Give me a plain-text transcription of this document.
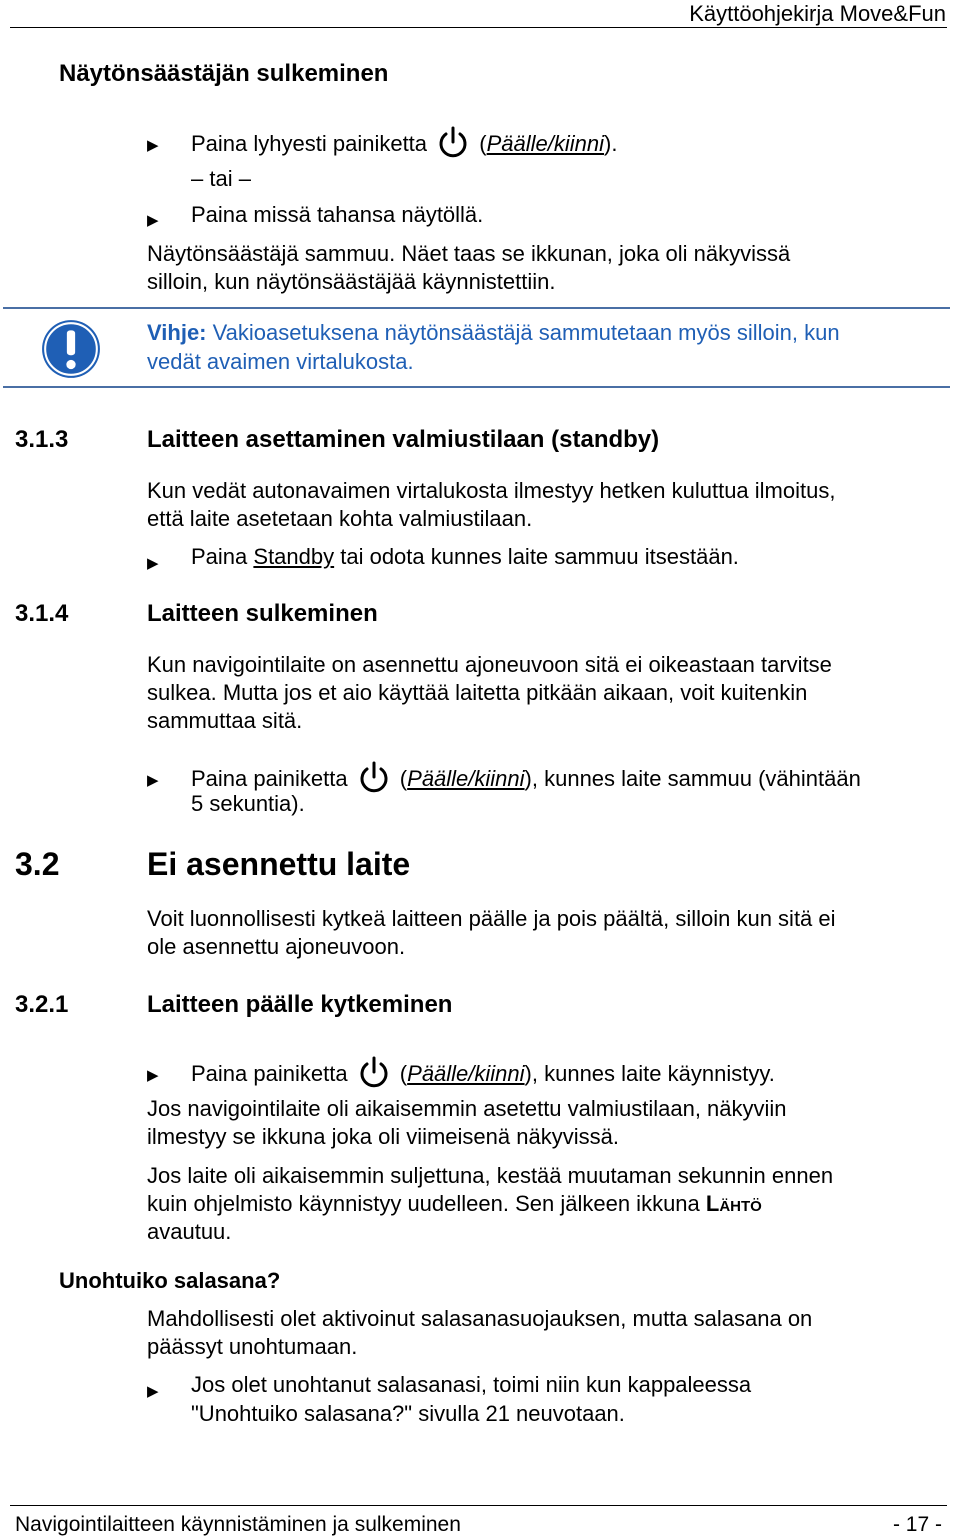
Käyttöohjekirja Move&Fun
Näytönsäästäjän sulkeminen
▶ Paina lyhyesti painiketta  (Päälle/kiinni).
– tai –
▶ Paina missä tahansa näytöllä.
Näytönsäästäjä sammuu. Näet taas se ikkunan, joka oli näkyvissä
silloin, kun näytönsäästäjää käynnistettiin.
Vihje: Vakioasetuksena näytönsäästäjä sammutetaan myös silloin, kun
vedät avaimen virtalukosta.
3.1.3	Laitteen asettaminen valmiustilaan (standby)
Kun vedät autonavaimen virtalukosta ilmestyy hetken kuluttua ilmoitus,
että laite asetetaan kohta valmiustilaan.
▶ Paina Standby tai odota kunnes laite sammuu itsestään.
3.1.4	Laitteen sulkeminen
Kun navigointilaite on asennettu ajoneuvoon sitä ei oikeastaan tarvitse
sulkea. Mutta jos et aio käyttää laitetta pitkään aikaan, voit kuitenkin
sammuttaa sitä.
▶ Paina painiketta  (Päälle/kiinni), kunnes laite sammuu (vähintään
5 sekuntia).
3.2	Ei asennettu laite
Voit luonnollisesti kytkeä laitteen päälle ja pois päältä, silloin kun sitä ei
ole asennettu ajoneuvoon.
3.2.1	Laitteen päälle kytkeminen
▶ Paina painiketta  (Päälle/kiinni), kunnes laite käynnistyy.
Jos navigointilaite oli aikaisemmin asetettu valmiustilaan, näkyviin
ilmestyy se ikkuna joka oli viimeisenä näkyvissä.
Jos laite oli aikaisemmin suljettuna, kestää muutaman sekunnin ennen
kuin ohjelmisto käynnistyy uudelleen. Sen jälkeen ikkuna Lähtö
avautuu.
Unohtuiko salasana?
Mahdollisesti olet aktivoinut salasanasuojauksen, mutta salasana on
päässyt unohtumaan.
▶ Jos olet unohtanut salasanasi, toimi niin kun kappaleessa
"Unohtuiko salasana?" sivulla 21 neuvotaan.
Navigointilaitteen käynnistäminen ja sulkeminen	- 17 -
